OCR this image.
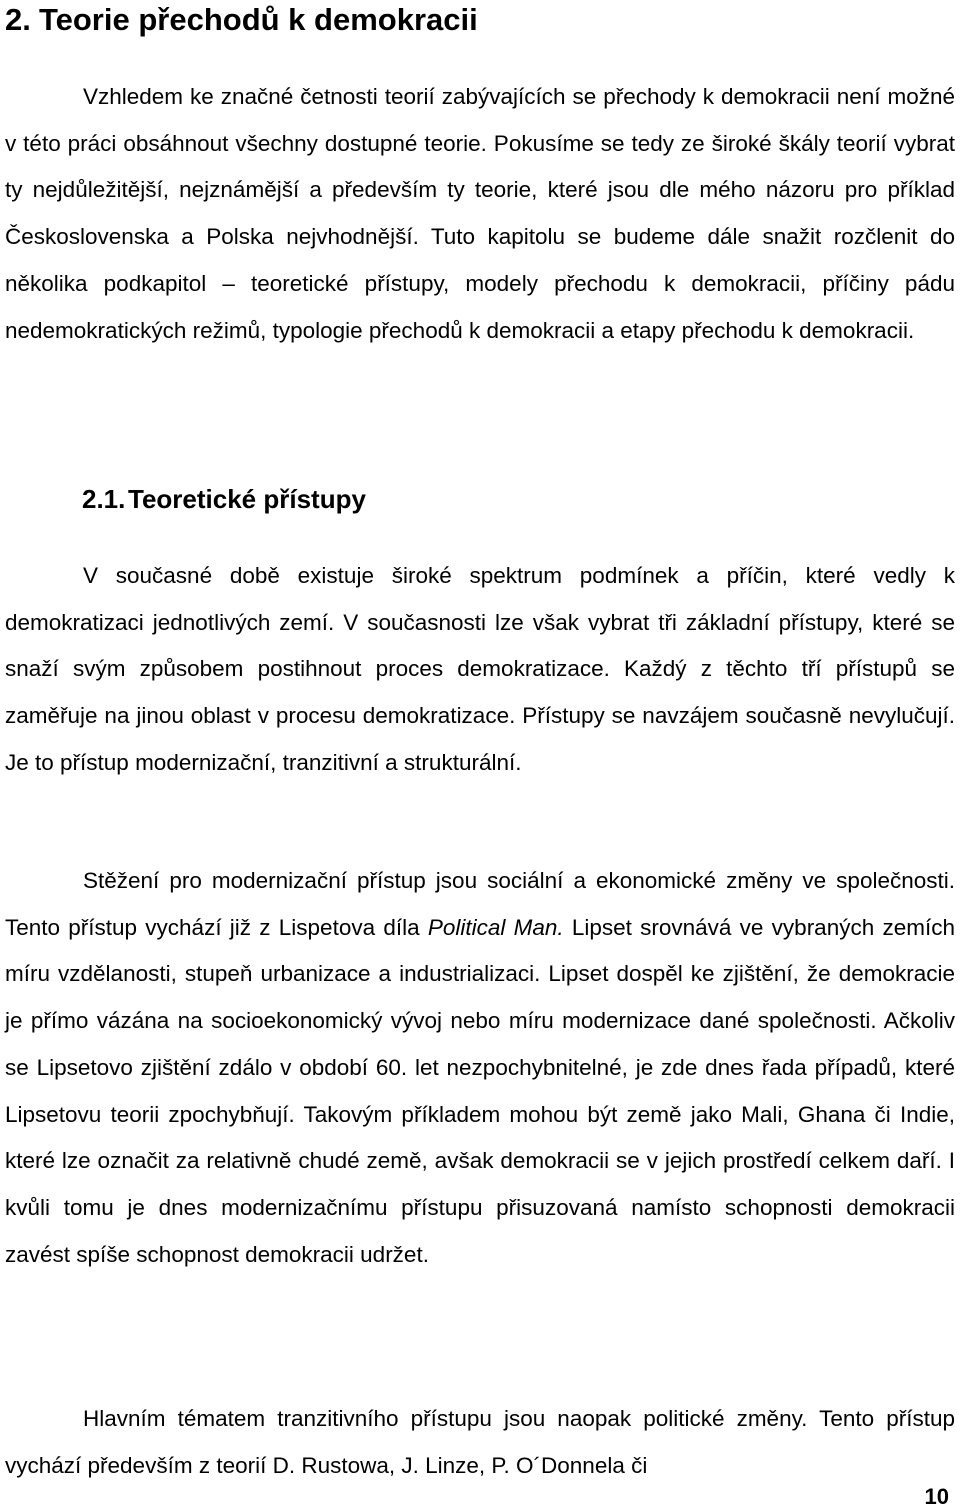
2. Teorie přechodů k demokracii

Vzhledem ke značné četnosti teorií zabývajících se přechody k demokracii není možné v této práci obsáhnout všechny dostupné teorie. Pokusíme se tedy ze široké škály teorií vybrat ty nejdůležitější, nejznámější a především ty teorie, které jsou dle mého názoru pro příklad Československa a Polska nejvhodnější. Tuto kapitolu se budeme dále snažit rozčlenit do několika podkapitol – teoretické přístupy, modely přechodu k demokracii, příčiny pádu nedemokratických režimů, typologie přechodů k demokracii a etapy přechodu k demokracii.

2.1. Teoretické přístupy

V současné době existuje široké spektrum podmínek a příčin, které vedly k demokratizaci jednotlivých zemí. V současnosti lze však vybrat tři základní přístupy, které se snaží svým způsobem postihnout proces demokratizace. Každý z těchto tří přístupů se zaměřuje na jinou oblast v procesu demokratizace. Přístupy se navzájem současně nevylučují. Je to přístup modernizační, tranzitivní a strukturální.

Stěžení pro modernizační přístup jsou sociální a ekonomické změny ve společnosti. Tento přístup vychází již z Lispetova díla Political Man. Lipset srovnává ve vybraných zemích míru vzdělanosti, stupeň urbanizace a industrializaci. Lipset dospěl ke zjištění, že demokracie je přímo vázána na socioekonomický vývoj nebo míru modernizace dané společnosti. Ačkoliv se Lipsetovo zjištění zdálo v období 60. let nezpochybnitelné, je zde dnes řada případů, které Lipsetovu teorii zpochybňují. Takovým příkladem mohou být země jako Mali, Ghana či Indie, které lze označit za relativně chudé země, avšak demokracii se v jejich prostředí celkem daří. I kvůli tomu je dnes modernizačnímu přístupu přisuzovaná namísto schopnosti demokracii zavést spíše schopnost demokracii udržet.

Hlavním tématem tranzitivního přístupu jsou naopak politické změny. Tento přístup vychází především z teorií D. Rustowa, J. Linze, P. O´Donnela či

10
